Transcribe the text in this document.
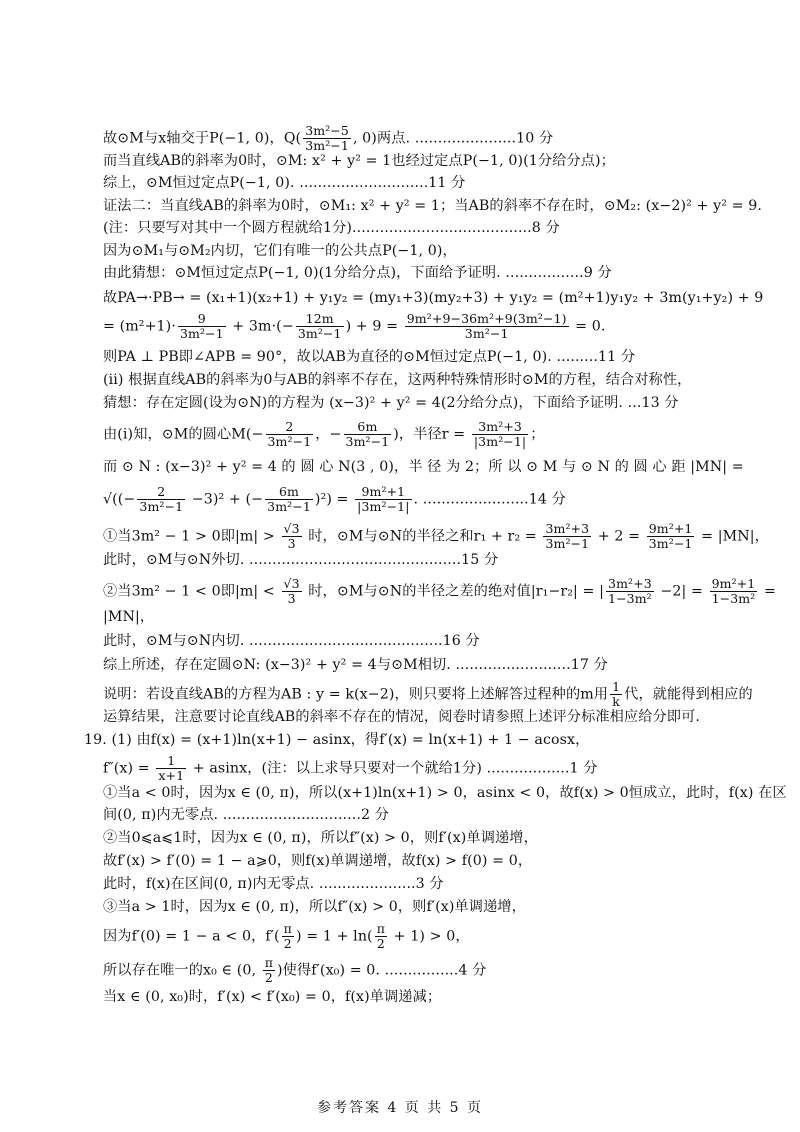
故⊙M与x轴交于P(−1, 0)，$Q( \frac{\text{3m²−5}}{\text{3m²−1}}$ , 0)两点. ......................10 分
而当直线AB的斜率为0时，⊙M: x² + y² = 1也经过定点P(−1, 0)(1分给分点)；
综上，⊙M恒过定点P(−1, 0). ............................11 分
证法二：当直线AB的斜率为0时，⊙M₁: x² + y² = 1；当AB的斜率不存在时，⊙M₂: (x−2)² + y² = 9.
(注：只要写对其中一个圆方程就给1分).......................................8 分
因为⊙M₁与⊙M₂内切，它们有唯一的公共点P(−1, 0)，
由此猜想：⊙M恒过定点P(−1, 0)(1分给分点)，下面给予证明. .................9 分
故PA→·PB→ = (x₁+1)(x₂+1) + y₁y₂ = (my₁+3)(my₂+3) + y₁y₂ = (m²+1)y₁y₂ + 3m(y₁+y₂) + 9
= $(m^2+1)\cdot \frac{9}{\text{3m²−1}} + 3m\cdot(- \frac{12m}{\text{3m²−1}}$ ) + $9 = \frac{\text{9m²+9−36m²+9(3m²−1)}}{\text{3m²−1}} = 0$.
则PA ⊥ PB即∠APB = 90°，故以AB为直径的⊙M恒过定点P(−1, 0). .........11 分
(ii) 根据直线AB的斜率为0与AB的斜率不存在，这两种特殊情形时⊙M的方程，结合对称性，
猜想：存在定圆(设为⊙N)的方程为 (x−3)² + y² = 4(2分给分点)，下面给予证明. ...13 分
由(i)知，⊙M的圆心$M(- \frac{2}{\text{3m²−1}}$ ，− $\frac{6m}{\text{3m²−1}}$ )，半径$r = \frac{\text{3m²+3}}{\text{|3m²−1|}}$ ；
而 ⊙ N : (x−3)² + y² = 4 的 圆 心 N(3 , 0)，半 径 为 2；所 以 ⊙ M 与 ⊙ N 的 圆 心 距 |MN| =
√((− $\frac{2}{\text{3m²−1}} -3)^2$ + (− $\frac{6m}{\text{3m²−1}} )^2) = \frac{\text{9m²+1}}{\text{|3m²−1|}}$ . .......................14 分
①当3m² − 1 > 0即$|m| > \frac{√3}{3}$ 时，⊙M与⊙N的半径之和$r_1 + r_2 = \frac{\text{3m²+3}}{\text{3m²−1}} + 2 = \frac{\text{9m²+1}}{\text{3m²−1}} = |MN|$，
此时，⊙M与⊙N外切. ..............................................15 分
②当3m² − 1 < 0即$|m| < \frac{√3}{3}$ 时，⊙M与⊙N的半径之差的绝对值|r₁−r₂| = | $\frac{\text{3m²+3}}{\text{1−3m²}} -2| = \frac{\text{9m²+1}}{\text{1−3m²}}$ =
|MN|，
此时，⊙M与⊙N内切. ..........................................16 分
综上所述，存在定圆⊙N: (x−3)² + y² = 4与⊙M相切. .........................17 分
说明：若设直线AB的方程为AB : y = k(x−2)，则只要将上述解答过程种的m用 $\frac{1}{k}$ 代，就能得到相应的
运算结果，注意要讨论直线AB的斜率不存在的情况，阅卷时请参照上述评分标准相应给分即可.
19. (1) 由f(x) = (x+1)ln(x+1) − asinx，得f′(x) = ln(x+1) + 1 − acosx，
$f''(x) = \frac{1}{x+1} + asinx$，(注：以上求导只要对一个就给1分) ..................1 分
①当a < 0时，因为x ∈ (0, π)，所以(x+1)ln(x+1) > 0，asinx < 0，故f(x) > 0恒成立，此时，f(x) 在区
间(0, π)内无零点. ..............................2 分
②当0⩽a⩽1时，因为x ∈ (0, π)，所以f″(x) > 0，则f′(x)单调递增，
故f′(x) > f′(0) = 1 − a⩾0，则f(x)单调递增，故f(x) > f(0) = 0，
此时，f(x)在区间(0, π)内无零点. .....................3 分
③当a > 1时，因为x ∈ (0, π)，所以f″(x) > 0，则f′(x)单调递增，
因为f′(0) = 1 − a < 0，$f'( \frac{\pi}{2}$ ) = $1 + \ln( \frac{\pi}{2} + 1) > 0$，
所以存在唯一的x₀ ∈ (0, $\frac{\pi}{2}$ )使得f′(x₀) = 0. ................4 分
当x ∈ (0, x₀)时，f′(x) < f′(x₀) = 0，f(x)单调递减；
参考答案 4 页 共 5 页
